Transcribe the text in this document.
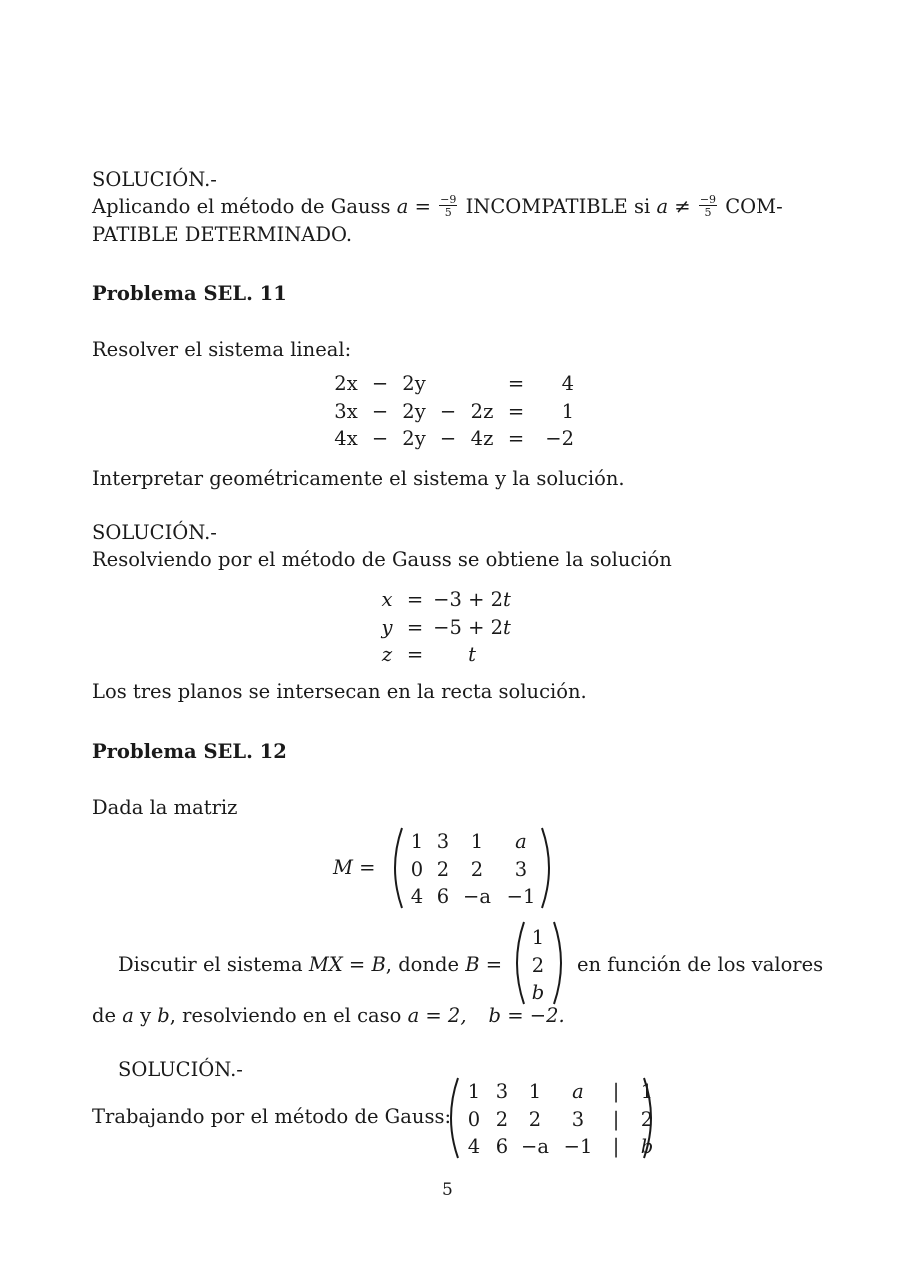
SOLUCIÓN.-
Aplicando el método de Gauss $a = \frac{-9}{5}$ INCOMPATIBLE si $a \ne \frac{-9}{5} COM-$
PATIBLE DETERMINADO.
Problema SEL. 11
Resolver el sistema lineal:
2x − 2y	=	4
3x − 2y − 2z =	1
4x − 2y − 4z =	−2
Interpretar geométricamente el sistema y la solución.
SOLUCIÓN.-
Resolviendo por el método de Gauss se obtiene la solución
x = −3 + 2t
y = −5 + 2t
z =	t
Los tres planos se intersecan en la recta solución.
Problema SEL. 12
Dada la matriz
M =
1 3	1	a
0 2	2	3
4 6 −a −1
Discutir el sistema MX = B, donde B =
1
2
b
en función de los valores
de a y b, resolviendo en el caso a = 2, b = −2.
SOLUCIÓN.-
Trabajando por el método de Gauss:
1 3	1	a	|	1
0 2	2	3	|	2
4 6 −a −1	|	b
5
